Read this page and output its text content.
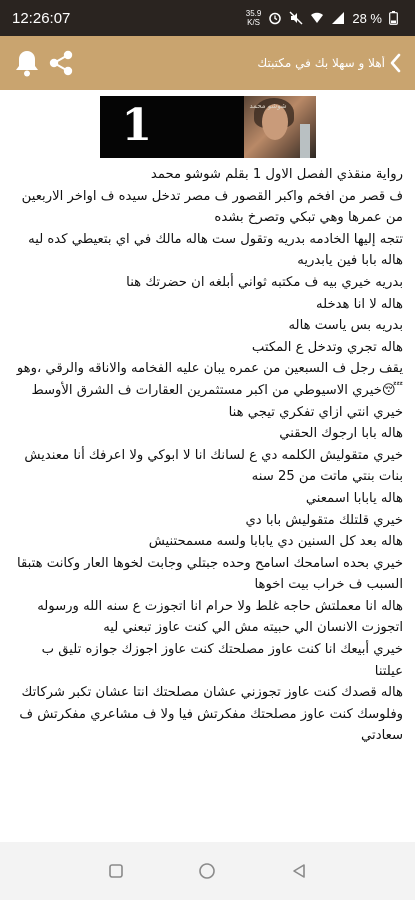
12:26:07	35.9
K/S	28 %
أهلا و سهلا بك في مكتبتك
1	شوشو محمد

رواية منقذي الفصل الاول 1 بقلم شوشو محمد

ف قصر من افخم واكبر القصور ف مصر تدخل سيده ف اواخر الاربعين من عمرها وهي تبكي وتصرخ بشده

تتجه إليها الخادمه بدريه وتقول ست هاله مالك في اي بتعيطي كده ليه

هاله بابا فين يابدريه

بدريه خيري بيه ف مكتبه ثواني أبلغه ان حضرتك هنا

هاله لا انا هدخله

بدريه بس ياست هاله

هاله تجري وتدخل ع المكتب

يقف رجل ف السبعين من عمره يبان عليه الفخامه والاناقه والرقي ،وهو

😴خيري الاسيوطي من اكبر مستثمرين العقارات ف الشرق الأوسط

خيري انتي ازاي تفكري تيجي هنا

هاله بابا ارجوك الحقني

خيري متقوليش الكلمه دي ع لسانك انا لا ابوكي ولا اعرفك أنا معنديش بنات بنتي ماتت من 25 سنه

هاله يابابا اسمعني

خيري قلتلك متقوليش بابا دي

هاله بعد كل السنين دي يابابا ولسه مسمحتنيش

خيري بحده اسامحك اسامح وحده جبتلي وجابت لخوها العار وكانت هتبقا السبب ف خراب بيت اخوها

هاله انا معملتش حاجه غلط ولا حرام انا اتجوزت ع سنه الله ورسوله اتجوزت الانسان الي حبيته مش الي كنت عاوز تبعني ليه

خيري أبيعك انا كنت عاوز مصلحتك كنت عاوز اجوزك جوازه تليق ب عيلتنا

هاله قصدك كنت عاوز تجوزني عشان مصلحتك انتا عشان تكبر شركاتك وفلوسك كنت عاوز مصلحتك مفكرتش فيا ولا ف مشاعري مفكرتش ف سعادتي
